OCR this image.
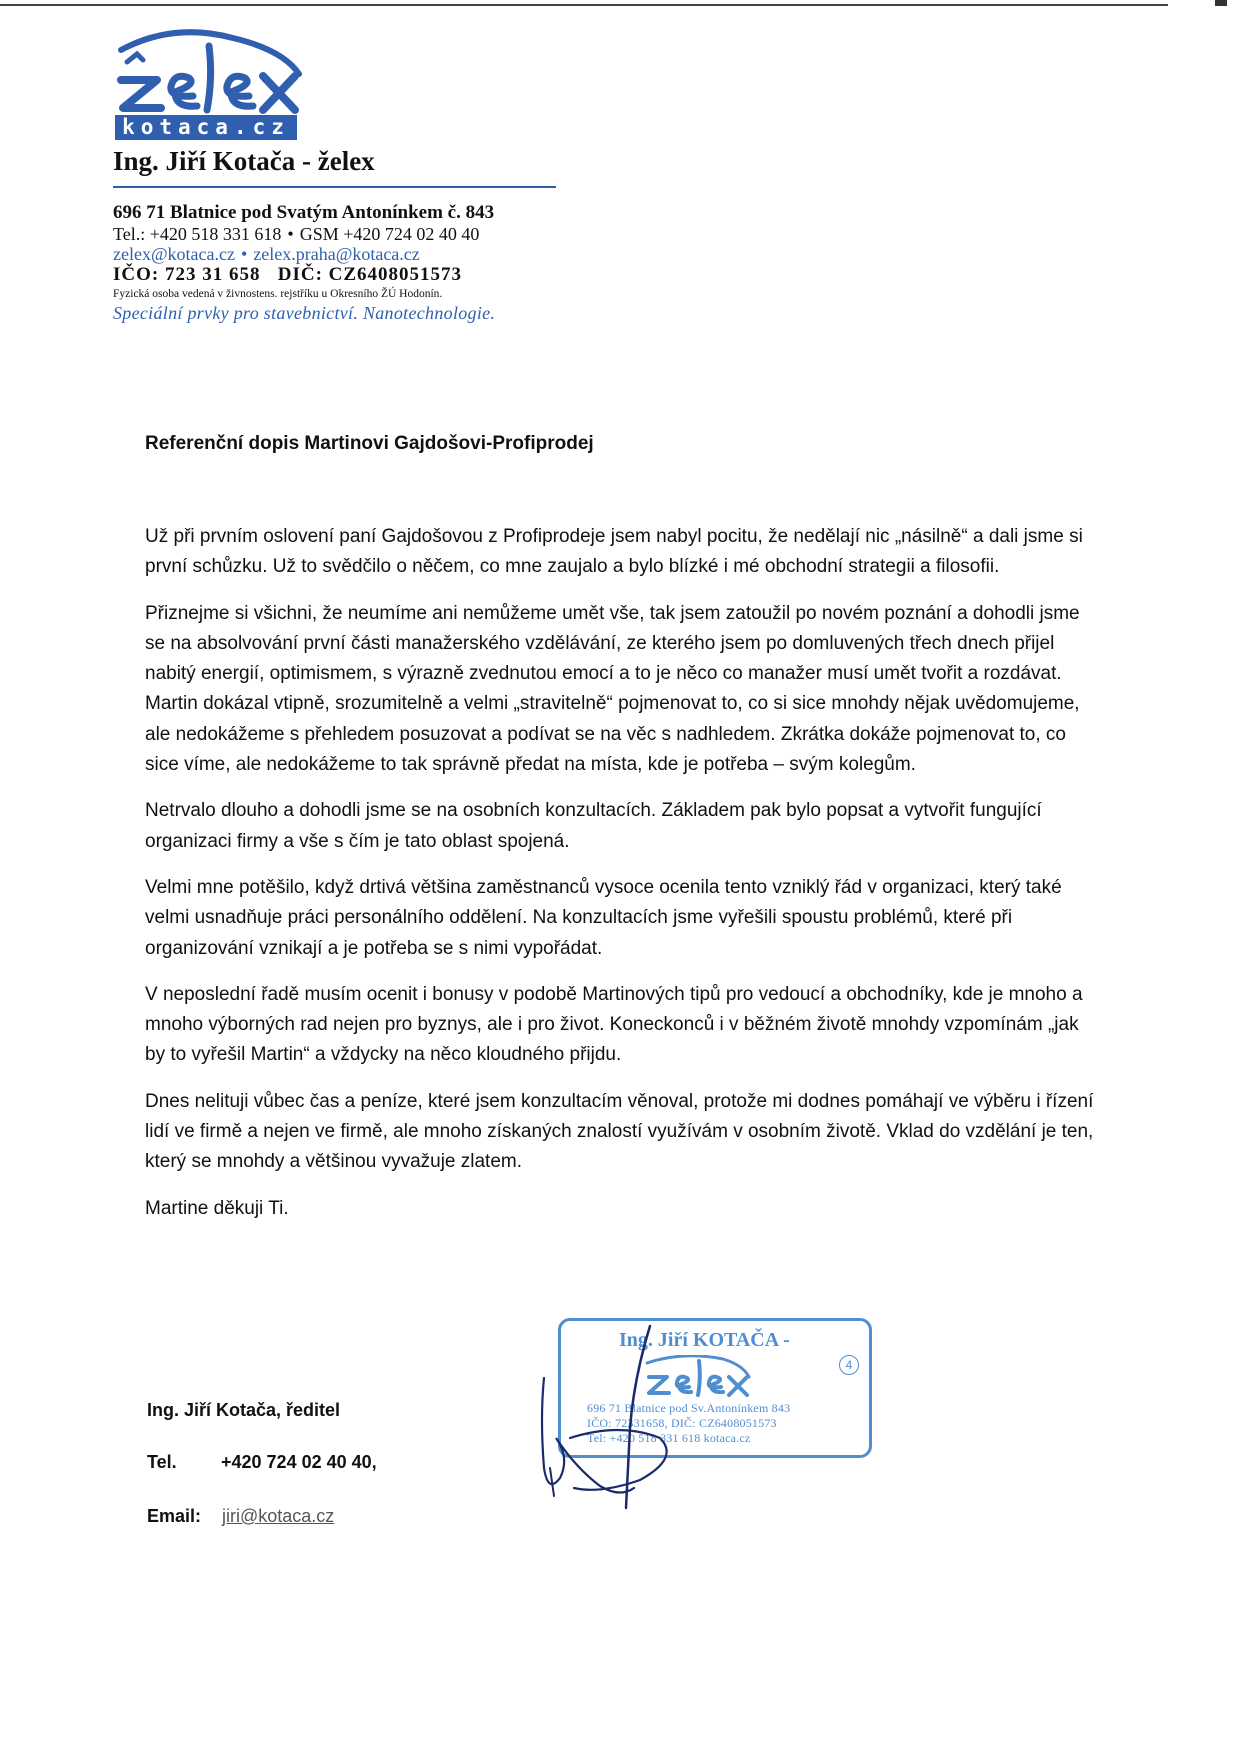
kotaca.cz
Ing. Jiří Kotača - želex
696 71 Blatnice pod Svatým Antonínkem č. 843
Tel.: +420 518 331 618 • GSM +420 724 02 40 40
zelex@kotaca.cz • zelex.praha@kotaca.cz
IČO: 723 31 658 DIČ: CZ6408051573
Fyzická osoba vedená v živnostens. rejstříku u Okresního ŽÚ Hodonín.
Speciální prvky pro stavebnictví. Nanotechnologie.
Referenční dopis Martinovi Gajdošovi-Profiprodej

Už při prvním oslovení paní Gajdošovou z Profiprodeje jsem nabyl pocitu, že nedělají nic „násilně“ a dali jsme si první schůzku. Už to svědčilo o něčem, co mne zaujalo a bylo blízké i mé obchodní strategii a filosofii.

Přiznejme si všichni, že neumíme ani nemůžeme umět vše, tak jsem zatoužil po novém poznání a dohodli jsme se na absolvování první části manažerského vzdělávání, ze kterého jsem po domluvených třech dnech přijel nabitý energií, optimismem, s výrazně zvednutou emocí a to je něco co manažer musí umět tvořit a rozdávat. Martin dokázal vtipně, srozumitelně a velmi „stravitelně“ pojmenovat to, co si sice mnohdy nějak uvědomujeme, ale nedokážeme s přehledem posuzovat a podívat se na věc s nadhledem. Zkrátka dokáže pojmenovat to, co sice víme, ale nedokážeme to tak správně předat na místa, kde je potřeba – svým kolegům.

Netrvalo dlouho a dohodli jsme se na osobních konzultacích. Základem pak bylo popsat a vytvořit fungující organizaci firmy a vše s čím je tato oblast spojená.

Velmi mne potěšilo, když drtivá většina zaměstnanců vysoce ocenila tento vzniklý řád v organizaci, který také velmi usnadňuje práci personálního oddělení. Na konzultacích jsme vyřešili spoustu problémů, které při organizování vznikají a je potřeba se s nimi vypořádat.

V neposlední řadě musím ocenit i bonusy v podobě Martinových tipů pro vedoucí a obchodníky, kde je mnoho a mnoho výborných rad nejen pro byznys, ale i pro život. Koneckonců i v běžném životě mnohdy vzpomínám „jak by to vyřešil Martin“ a vždycky na něco kloudného přijdu.

Dnes nelituji vůbec čas a peníze, které jsem konzultacím věnoval, protože mi dodnes pomáhají ve výběru i řízení lidí ve firmě a nejen ve firmě, ale mnoho získaných znalostí využívám v osobním životě. Vklad do vzdělání je ten, který se mnohdy a většinou vyvažuje zlatem.

Martine děkuji Ti.

Ing. Jiří Kotača, ředitel
Tel. +420 724 02 40 40,
Email: jiri@kotaca.cz
Ing. Jiří KOTAČA -
4
696 71 Blatnice pod Sv.Antonínkem 843
IČO: 72331658, DIČ: CZ6408051573
Tel: +420 518 331 618 kotaca.cz
